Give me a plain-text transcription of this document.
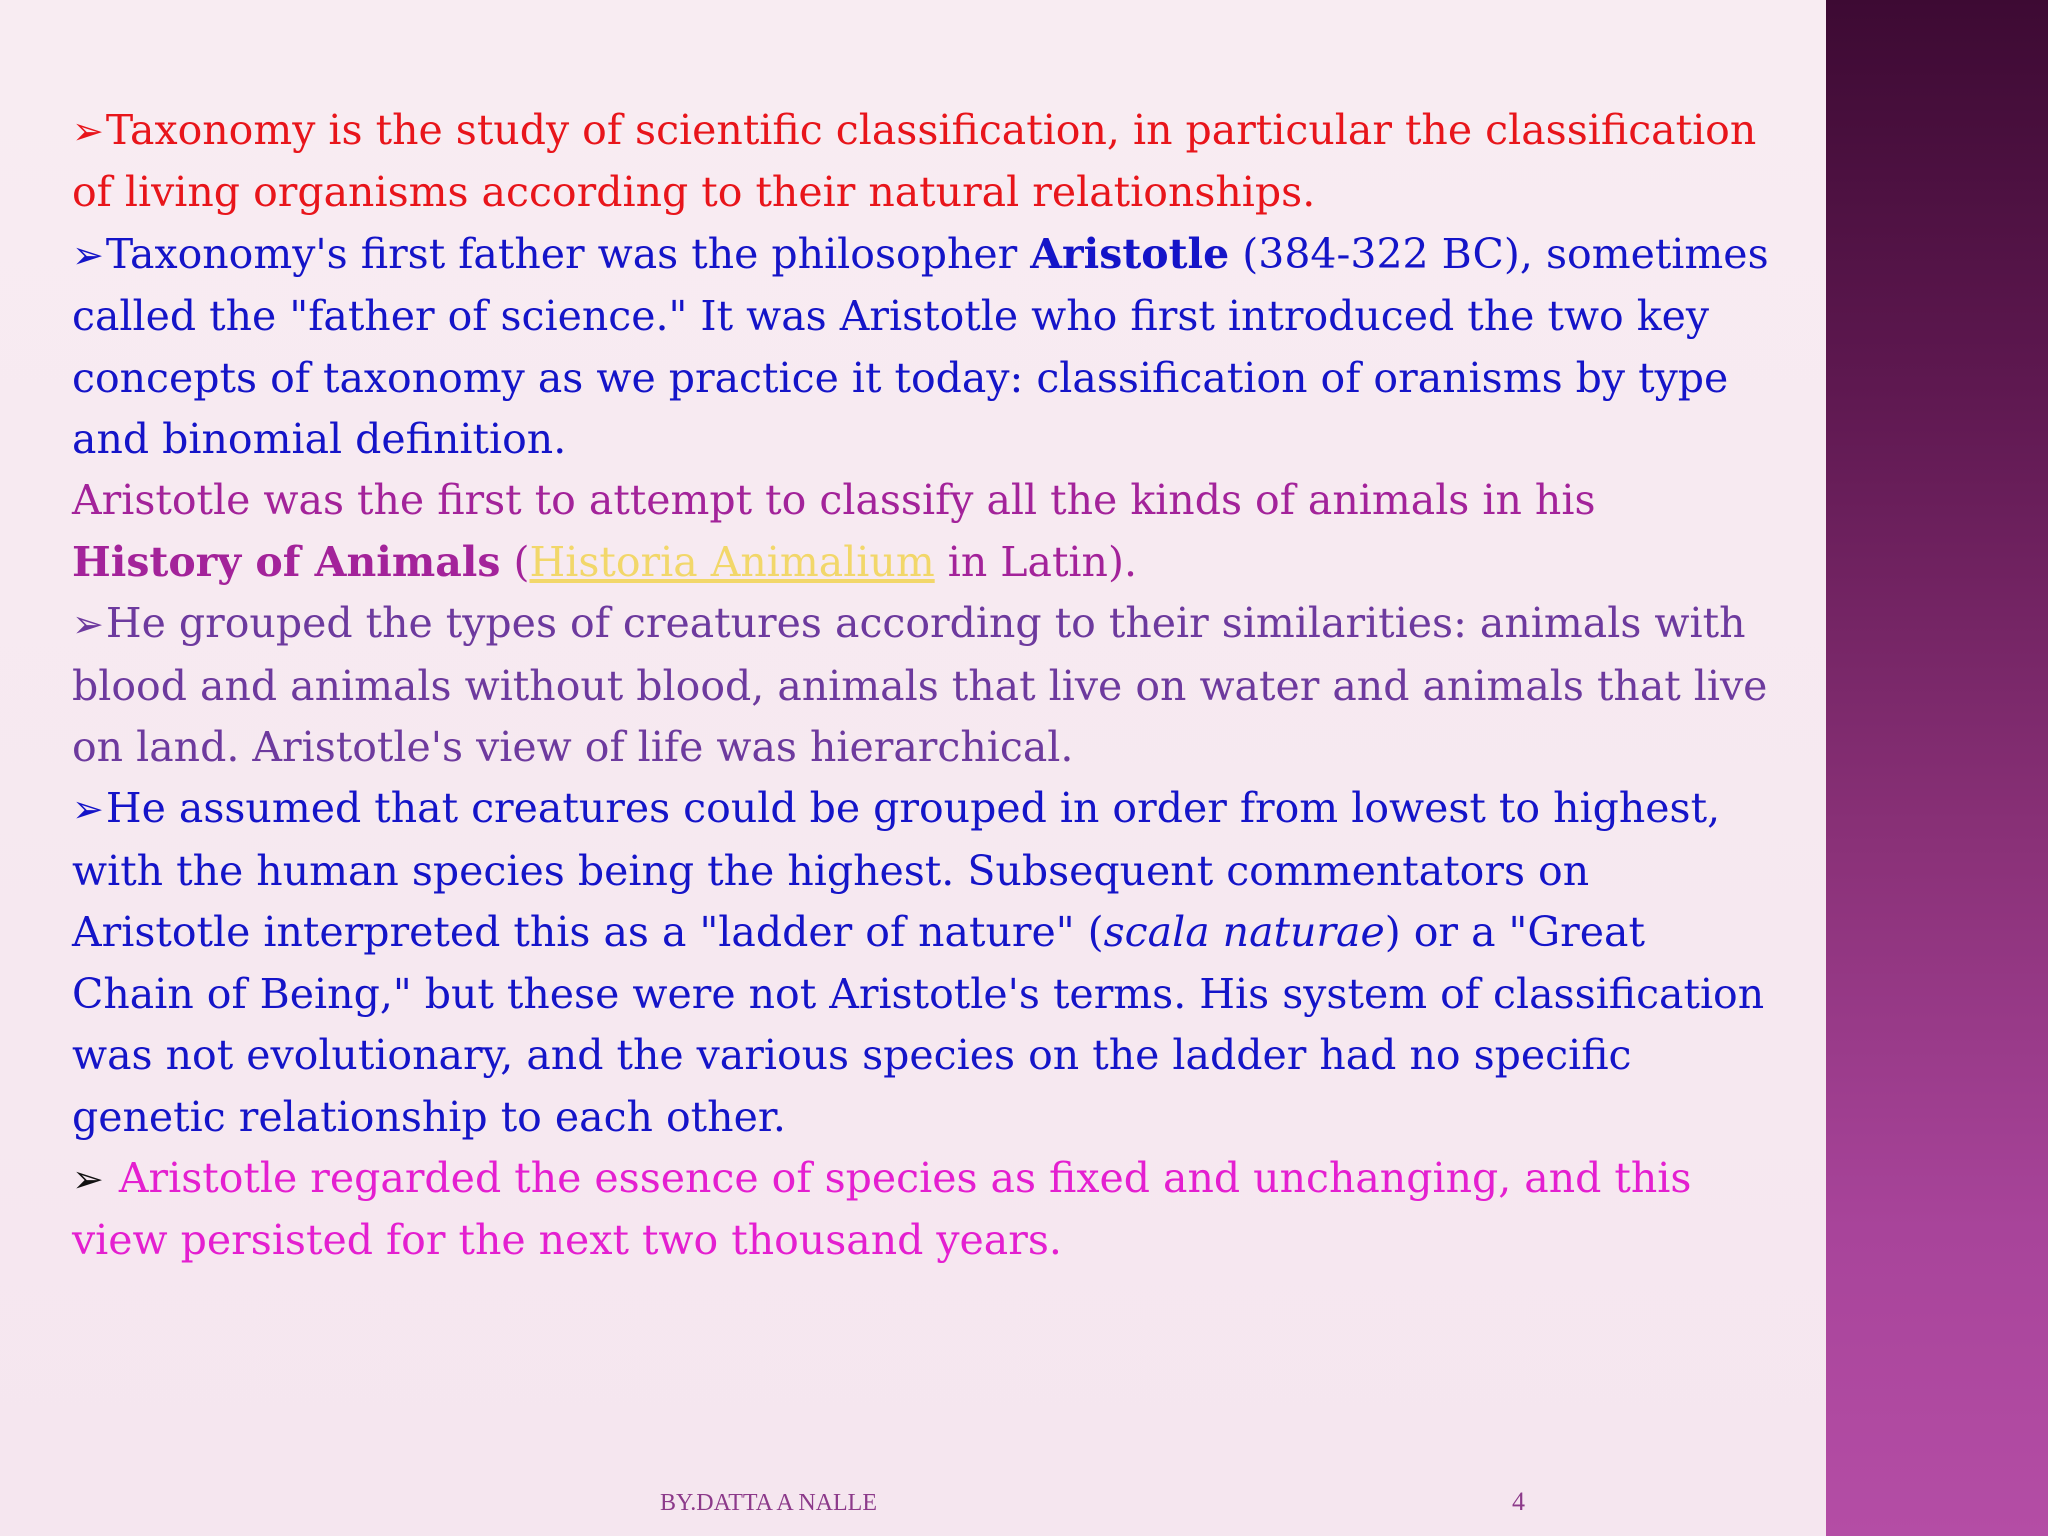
➢Taxonomy is the study of scientific classification, in particular the classification of living organisms according to their natural relationships.

➢Taxonomy's first father was the philosopher Aristotle (384-322 BC), sometimes called the "father of science." It was Aristotle who first introduced the two key concepts of taxonomy as we practice it today: classification of oranisms by type and binomial definition.

Aristotle was the first to attempt to classify all the kinds of animals in his History of Animals (Historia Animalium in Latin).

➢He grouped the types of creatures according to their similarities: animals with blood and animals without blood, animals that live on water and animals that live on land. Aristotle's view of life was hierarchical.

➢He assumed that creatures could be grouped in order from lowest to highest, with the human species being the highest. Subsequent commentators on Aristotle interpreted this as a "ladder of nature" (scala naturae) or a "Great Chain of Being," but these were not Aristotle's terms. His system of classification was not evolutionary, and the various species on the ladder had no specific genetic relationship to each other.

➢ Aristotle regarded the essence of species as fixed and unchanging, and this view persisted for the next two thousand years.

BY.DATTA A NALLE	4
